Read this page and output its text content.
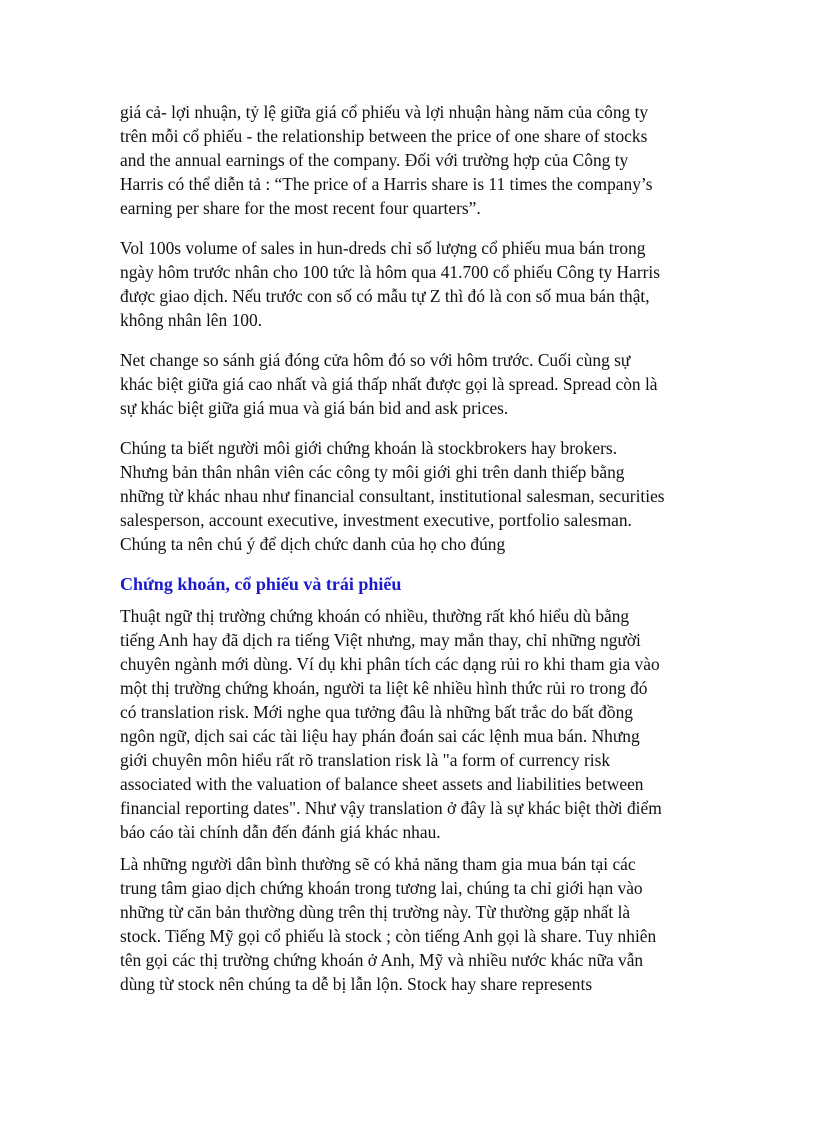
giá cả- lợi nhuận, tỷ lệ giữa giá cổ phiếu và lợi nhuận hàng năm của công ty
trên mỗi cổ phiếu - the relationship between the price of one share of stocks
and the annual earnings of the company. Đối với trường hợp của Công ty
Harris có thể diễn tả : “The price of a Harris share is 11 times the company’s
earning per share for the most recent four quarters”.

Vol 100s volume of sales in hun-dreds chỉ số lượng cổ phiếu mua bán trong
ngày hôm trước nhân cho 100 tức là hôm qua 41.700 cổ phiếu Công ty Harris
được giao dịch. Nếu trước con số có mẫu tự Z thì đó là con số mua bán thật,
không nhân lên 100.

Net change so sánh giá đóng cửa hôm đó so với hôm trước. Cuối cùng sự
khác biệt giữa giá cao nhất và giá thấp nhất được gọi là spread. Spread còn là
sự khác biệt giữa giá mua và giá bán bid and ask prices.

Chúng ta biết người môi giới chứng khoán là stockbrokers hay brokers.
Nhưng bản thân nhân viên các công ty môi giới ghi trên danh thiếp bằng
những từ khác nhau như financial consultant, institutional salesman, securities
salesperson, account executive, investment executive, portfolio salesman.
Chúng ta nên chú ý để dịch chức danh của họ cho đúng

Chứng khoán, cổ phiếu và trái phiếu

Thuật ngữ thị trường chứng khoán có nhiều, thường rất khó hiểu dù bằng
tiếng Anh hay đã dịch ra tiếng Việt nhưng, may mắn thay, chỉ những người
chuyên ngành mới dùng. Ví dụ khi phân tích các dạng rủi ro khi tham gia vào
một thị trường chứng khoán, người ta liệt kê nhiều hình thức rủi ro trong đó
có translation risk. Mới nghe qua tưởng đâu là những bất trắc do bất đồng
ngôn ngữ, dịch sai các tài liệu hay phán đoán sai các lệnh mua bán. Nhưng
giới chuyên môn hiểu rất rõ translation risk là "a form of currency risk
associated with the valuation of balance sheet assets and liabilities between
financial reporting dates". Như vậy translation ở đây là sự khác biệt thời điểm
báo cáo tài chính dẫn đến đánh giá khác nhau.

Là những người dân bình thường sẽ có khả năng tham gia mua bán tại các
trung tâm giao dịch chứng khoán trong tương lai, chúng ta chỉ giới hạn vào
những từ căn bản thường dùng trên thị trường này. Từ thường gặp nhất là
stock. Tiếng Mỹ gọi cổ phiếu là stock ; còn tiếng Anh gọi là share. Tuy nhiên
tên gọi các thị trường chứng khoán ở Anh, Mỹ và nhiều nước khác nữa vẫn
dùng từ stock nên chúng ta dễ bị lẫn lộn. Stock hay share represents
